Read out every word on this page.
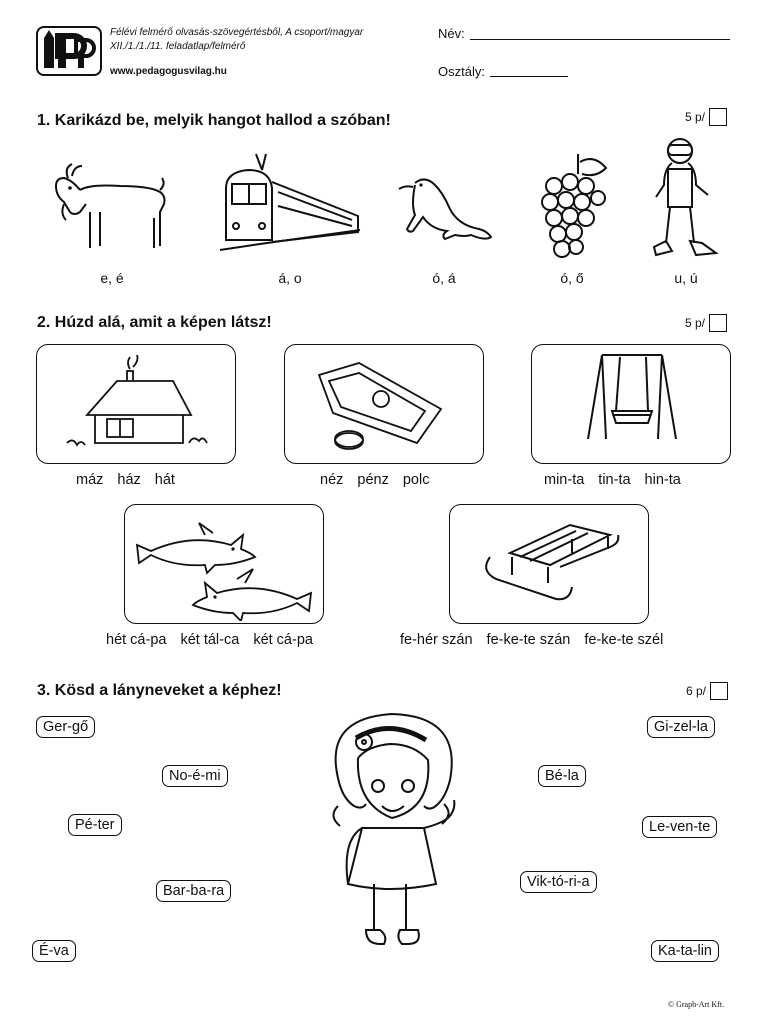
Félévi felmérő olvasás-szövegértésből, A csoport/magyar
XII./1./1./11. feladatlap/felmérő
www.pedagogusvilag.hu
Név:
Osztály:
1. Karikázd be, melyik hangot hallod a szóban!	5 p/
e, é	á, o	ó, á	ó, ő	u, ú
2. Húzd alá, amit a képen látsz!	5 p/
máz ház hát	néz pénz polc	min-ta tin-ta hin-ta
hét cá-pa két tál-ca két cá-pa	fe-hér szán fe-ke-te szán fe-ke-te szél
3. Kösd a lányneveket a képhez!	6 p/
Ger-gő
No-é-mi
Pé-ter
Bar-ba-ra
É-va
Gi-zel-la
Bé-la
Le-ven-te
Vik-tó-ri-a
Ka-ta-lin
© Graph-Art Kft.
